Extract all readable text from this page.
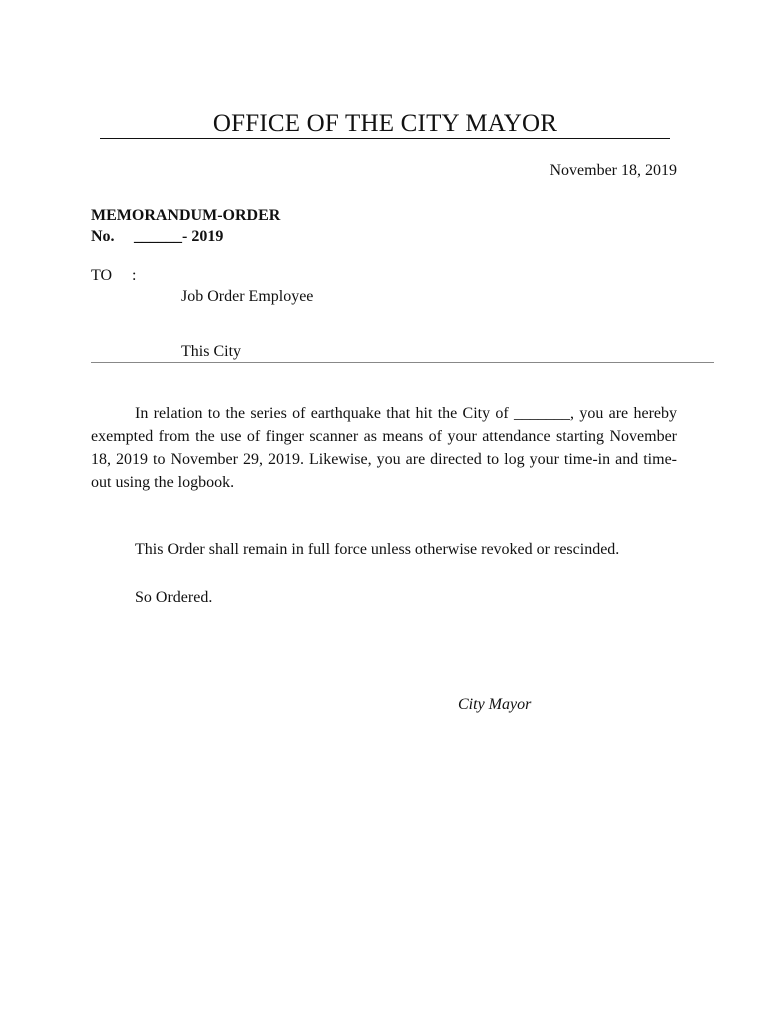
OFFICE OF THE CITY MAYOR
November 18, 2019
MEMORANDUM-ORDER
No. ______- 2019
TO :
Job Order Employee
This City

In relation to the series of earthquake that hit the City of _______, you are hereby exempted from the use of finger scanner as means of your attendance starting November 18, 2019 to November 29, 2019. Likewise, you are directed to log your time-in and time-out using the logbook.

This Order shall remain in full force unless otherwise revoked or rescinded.

So Ordered.

City Mayor
